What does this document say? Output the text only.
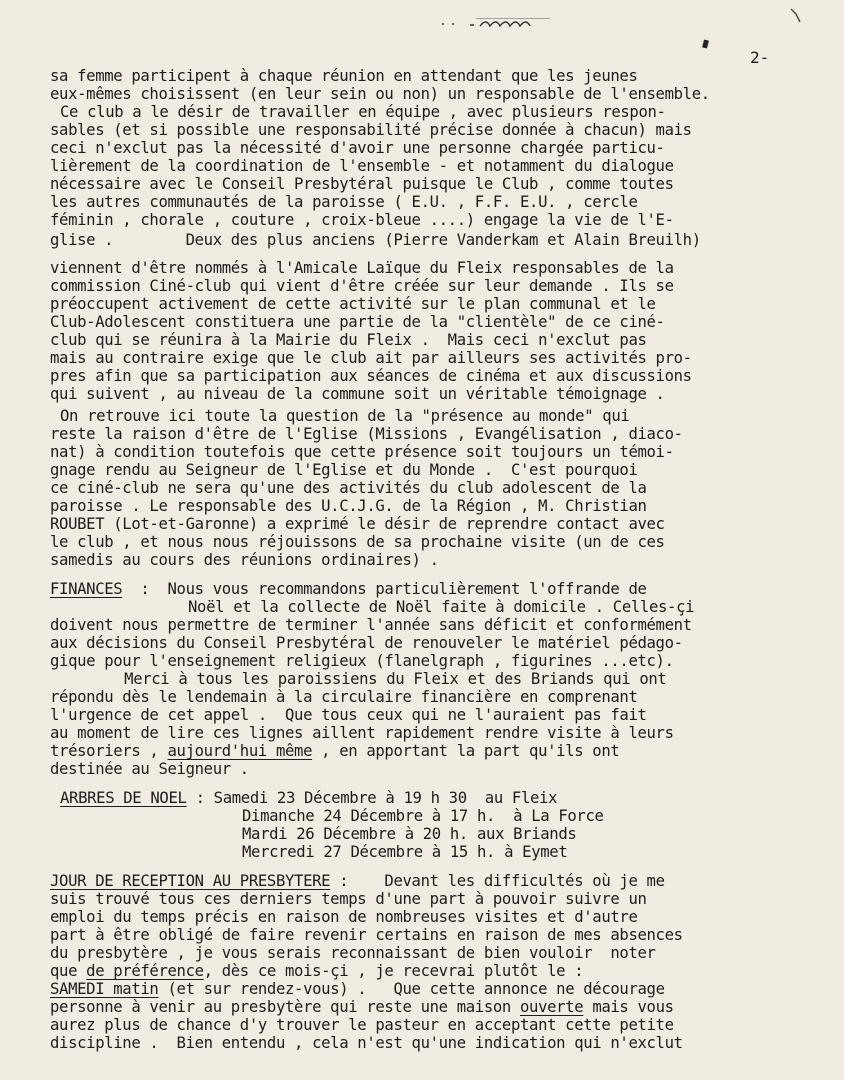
2-
sa femme participent à chaque réunion en attendant que les jeunes
eux-mêmes choisissent (en leur sein ou non) un responsable de l'ensemble.
Ce club a le désir de travailler en équipe , avec plusieurs respon-
sables (et si possible une responsabilité précise donnée à chacun) mais
ceci n'exclut pas la nécessité d'avoir une personne chargée particu-
lièrement de la coordination de l'ensemble - et notamment du dialogue
nécessaire avec le Conseil Presbytéral puisque le Club , comme toutes
les autres communautés de la paroisse ( E.U. , F.F. E.U. , cercle
féminin , chorale , couture , croix-bleue ....) engage la vie de l'E-
glise .        Deux des plus anciens (Pierre Vanderkam et Alain Breuilh)
viennent d'être nommés à l'Amicale Laïque du Fleix responsables de la
commission Ciné-club qui vient d'être créée sur leur demande . Ils se
préoccupent activement de cette activité sur le plan communal et le
Club-Adolescent constituera une partie de la "clientèle" de ce ciné-
club qui se réunira à la Mairie du Fleix .  Mais ceci n'exclut pas
mais au contraire exige que le club ait par ailleurs ses activités pro-
pres afin que sa participation aux séances de cinéma et aux discussions
qui suivent , au niveau de la commune soit un véritable témoignage .
On retrouve ici toute la question de la "présence au monde" qui
reste la raison d'être de l'Eglise (Missions , Evangélisation , diaco-
nat) à condition toutefois que cette présence soit toujours un témoi-
gnage rendu au Seigneur de l'Eglise et du Monde .  C'est pourquoi
ce ciné-club ne sera qu'une des activités du club adolescent de la
paroisse . Le responsable des U.C.J.G. de la Région , M. Christian
ROUBET (Lot-et-Garonne) a exprimé le désir de reprendre contact avec
le club , et nous nous réjouissons de sa prochaine visite (un de ces
samedis au cours des réunions ordinaires) .
FINANCES  :  Nous vous recommandons particulièrement l'offrande de
Noël et la collecte de Noël faite à domicile . Celles-çi
doivent nous permettre de terminer l'année sans déficit et conformément
aux décisions du Conseil Presbytéral de renouveler le matériel pédago-
gique pour l'enseignement religieux (flanelgraph , figurines ...etc).
Merci à tous les paroissiens du Fleix et des Briands qui ont
répondu dès le lendemain à la circulaire financière en comprenant
l'urgence de cet appel .  Que tous ceux qui ne l'auraient pas fait
au moment de lire ces lignes aillent rapidement rendre visite à leurs
trésoriers , aujourd'hui même , en apportant la part qu'ils ont
destinée au Seigneur .
ARBRES DE NOEL : Samedi 23 Décembre à 19 h 30  au Fleix
Dimanche 24 Décembre à 17 h.  à La Force
Mardi 26 Décembre à 20 h. aux Briands
Mercredi 27 Décembre à 15 h. à Eymet
JOUR DE RECEPTION AU PRESBYTERE :    Devant les difficultés où je me
suis trouvé tous ces derniers temps d'une part à pouvoir suivre un
emploi du temps précis en raison de nombreuses visites et d'autre
part à être obligé de faire revenir certains en raison de mes absences
du presbytère , je vous serais reconnaissant de bien vouloir  noter
que de préférence, dès ce mois-çi , je recevrai plutôt le :
SAMEDI matin (et sur rendez-vous) .   Que cette annonce ne décourage
personne à venir au presbytère qui reste une maison ouverte mais vous
aurez plus de chance d'y trouver le pasteur en acceptant cette petite
discipline .  Bien entendu , cela n'est qu'une indication qui n'exclut
